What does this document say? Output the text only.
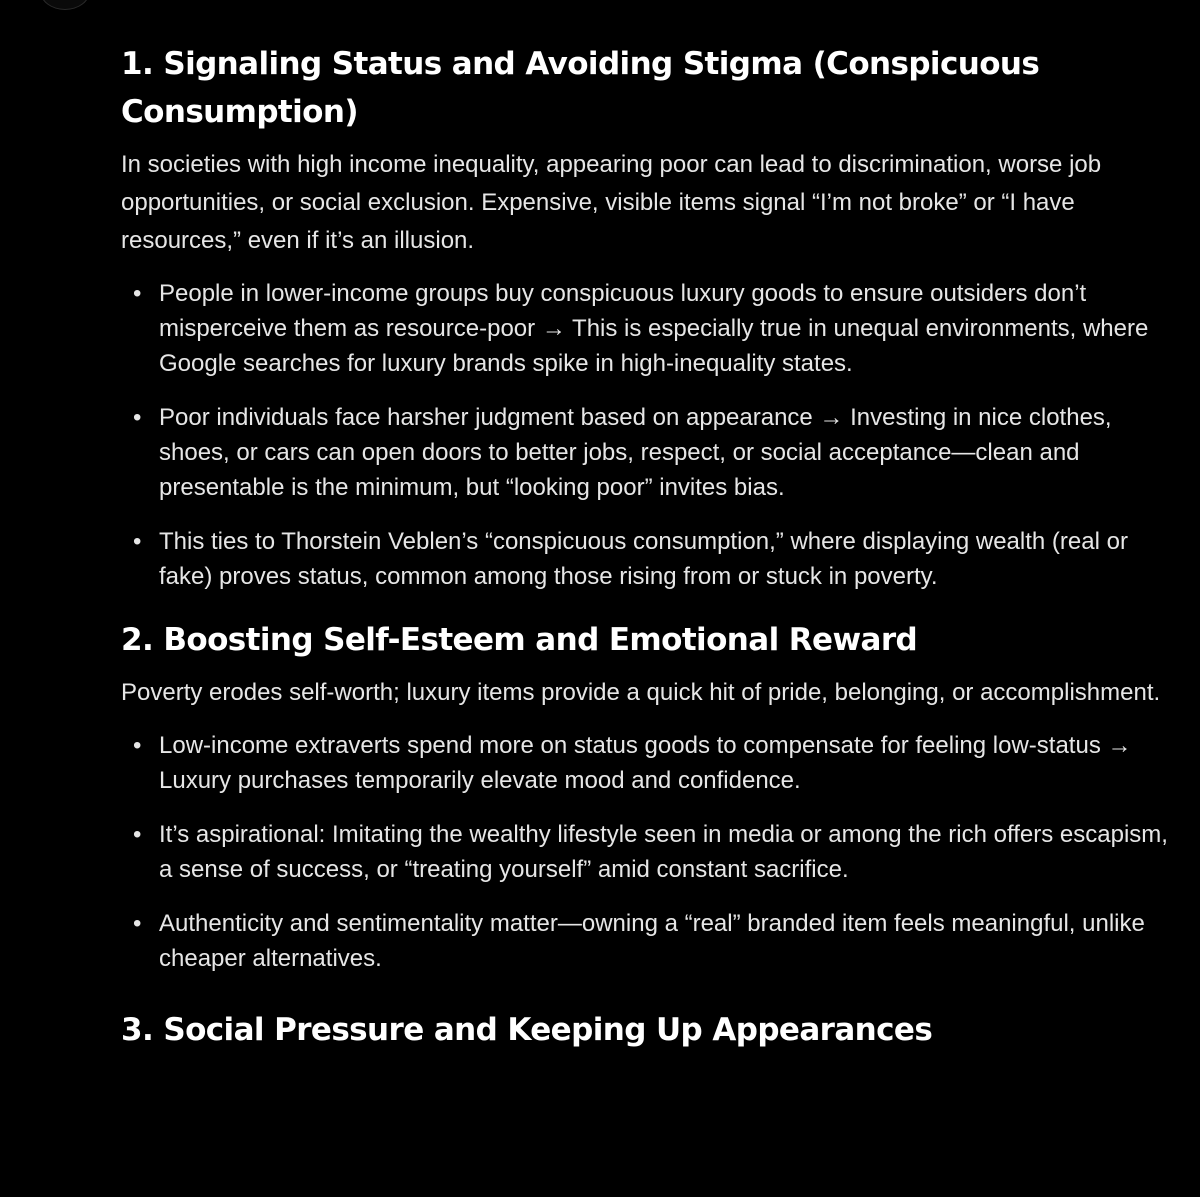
1. Signaling Status and Avoiding Stigma (Conspicuous Consumption)

In societies with high income inequality, appearing poor can lead to discrimination, worse job opportunities, or social exclusion. Expensive, visible items signal “I’m not broke” or “I have resources,” even if it’s an illusion.

• People in lower-income groups buy conspicuous luxury goods to ensure outsiders don’t misperceive them as resource-poor → This is especially true in unequal environments, where Google searches for luxury brands spike in high-inequality states.
• Poor individuals face harsher judgment based on appearance → Investing in nice clothes, shoes, or cars can open doors to better jobs, respect, or social acceptance—clean and presentable is the minimum, but “looking poor” invites bias.
• This ties to Thorstein Veblen’s “conspicuous consumption,” where displaying wealth (real or fake) proves status, common among those rising from or stuck in poverty.
2. Boosting Self-Esteem and Emotional Reward

Poverty erodes self-worth; luxury items provide a quick hit of pride, belonging, or accomplishment.

• Low-income extraverts spend more on status goods to compensate for feeling low-status → Luxury purchases temporarily elevate mood and confidence.
• It’s aspirational: Imitating the wealthy lifestyle seen in media or among the rich offers escapism, a sense of success, or “treating yourself” amid constant sacrifice.
• Authenticity and sentimentality matter—owning a “real” branded item feels meaningful, unlike cheaper alternatives.
3. Social Pressure and Keeping Up Appearances
